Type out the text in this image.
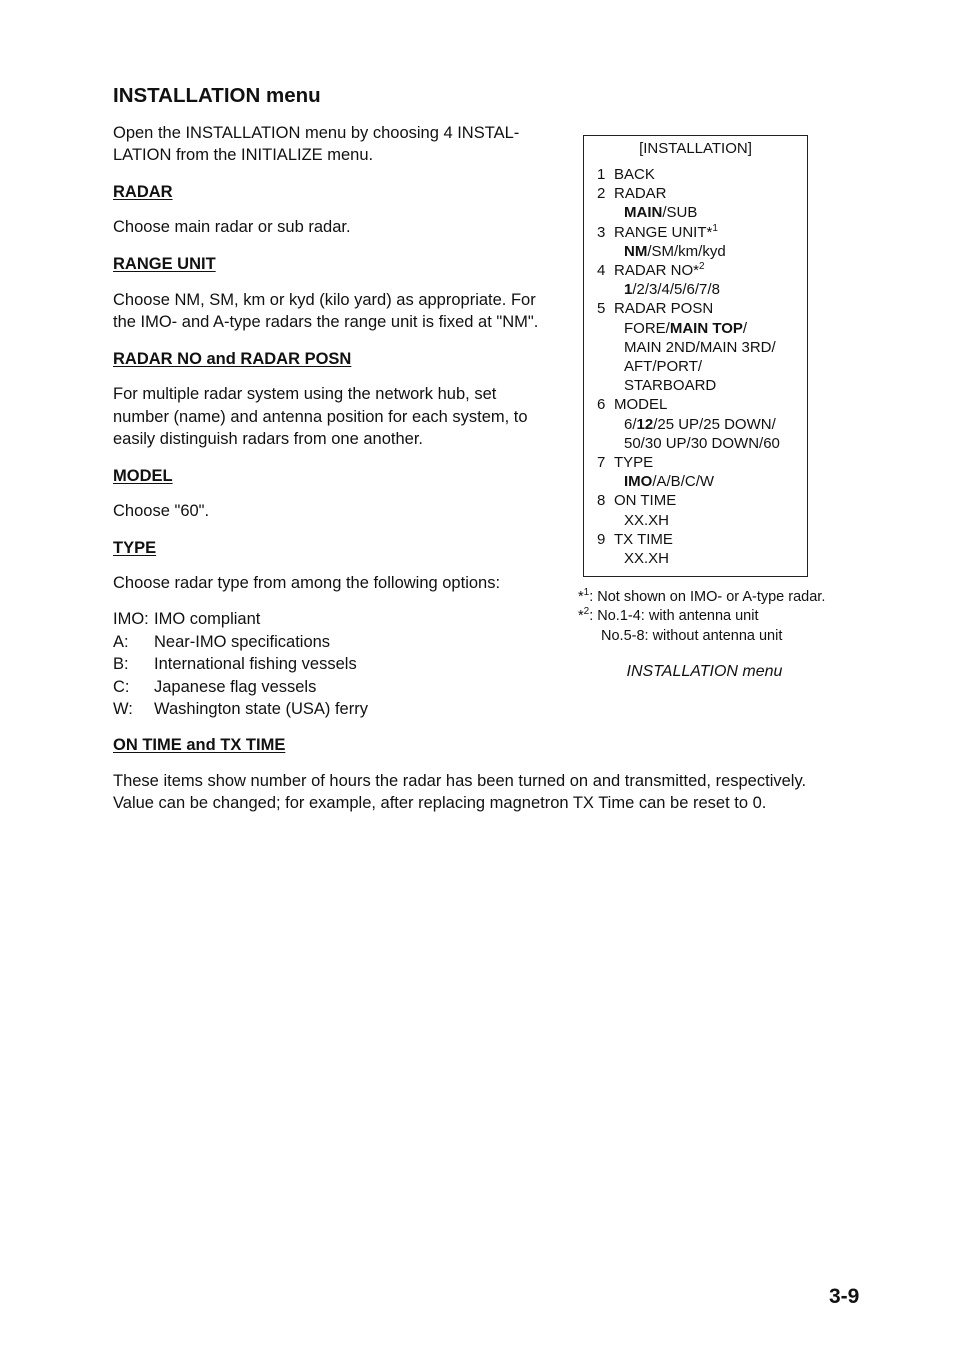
INSTALLATION menu
Open the INSTALLATION menu by choosing 4 INSTAL-
LATION from the INITIALIZE menu.
RADAR
Choose main radar or sub radar.
RANGE UNIT
Choose NM, SM, km or kyd (kilo yard) as appropriate. For
the IMO- and A-type radars the range unit is fixed at "NM".
RADAR NO and RADAR POSN
For multiple radar system using the network hub, set
number (name) and antenna position for each system, to
easily distinguish radars from one another.
MODEL
Choose "60".
TYPE
Choose radar type from among the following options:
IMO: IMO compliant
A: Near-IMO specifications
B: International fishing vessels
C: Japanese flag vessels
W: Washington state (USA) ferry
ON TIME and TX TIME
These items show number of hours the radar has been turned on and transmitted, respectively.
Value can be changed; for example, after replacing magnetron TX Time can be reset to 0.
[INSTALLATION]
1 BACK
2 RADAR
MAIN/SUB
3 RANGE UNIT*$^1$
NM/SM/km/kyd
4 RADAR NO*$^2$
1/2/3/4/5/6/7/8
5 RADAR POSN
FORE/MAIN TOP/
MAIN 2ND/MAIN 3RD/
AFT/PORT/
STARBOARD
6 MODEL
6/12/25 UP/25 DOWN/
50/30 UP/30 DOWN/60
7 TYPE
IMO/A/B/C/W
8 ON TIME
XX.XH
9 TX TIME
XX.XH
*$^1$: Not shown on IMO- or A-type radar.
*$^2$: No.1-4: with antenna unit
No.5-8: without antenna unit
INSTALLATION menu
3-9
